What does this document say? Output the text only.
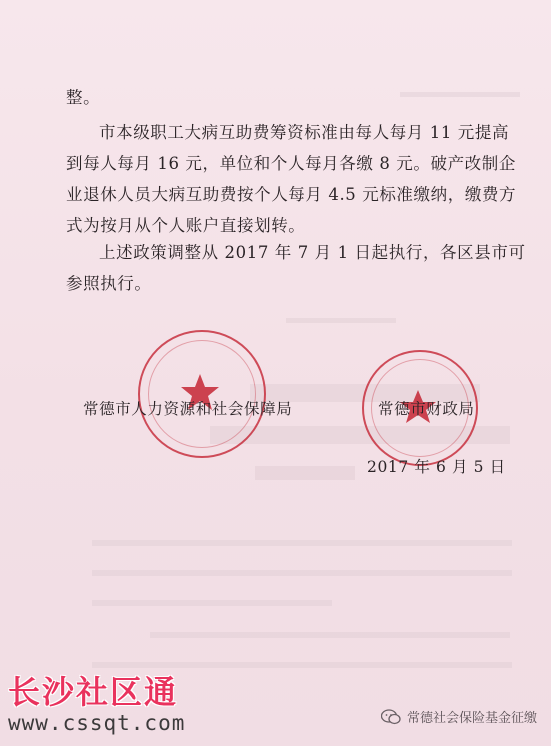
整。
市本级职工大病互助费筹资标准由每人每月 11 元提高到每人每月 16 元，单位和个人每月各缴 8 元。破产改制企业退休人员大病互助费按个人每月 4.5 元标准缴纳，缴费方式为按月从个人账户直接划转。
上述政策调整从 2017 年 7 月 1 日起执行，各区县市可参照执行。
常德市人力资源和社会保障局	常德市财政局
2017 年 6 月 5 日
长沙社区通
www.cssqt.com	常德社会保险基金征缴
